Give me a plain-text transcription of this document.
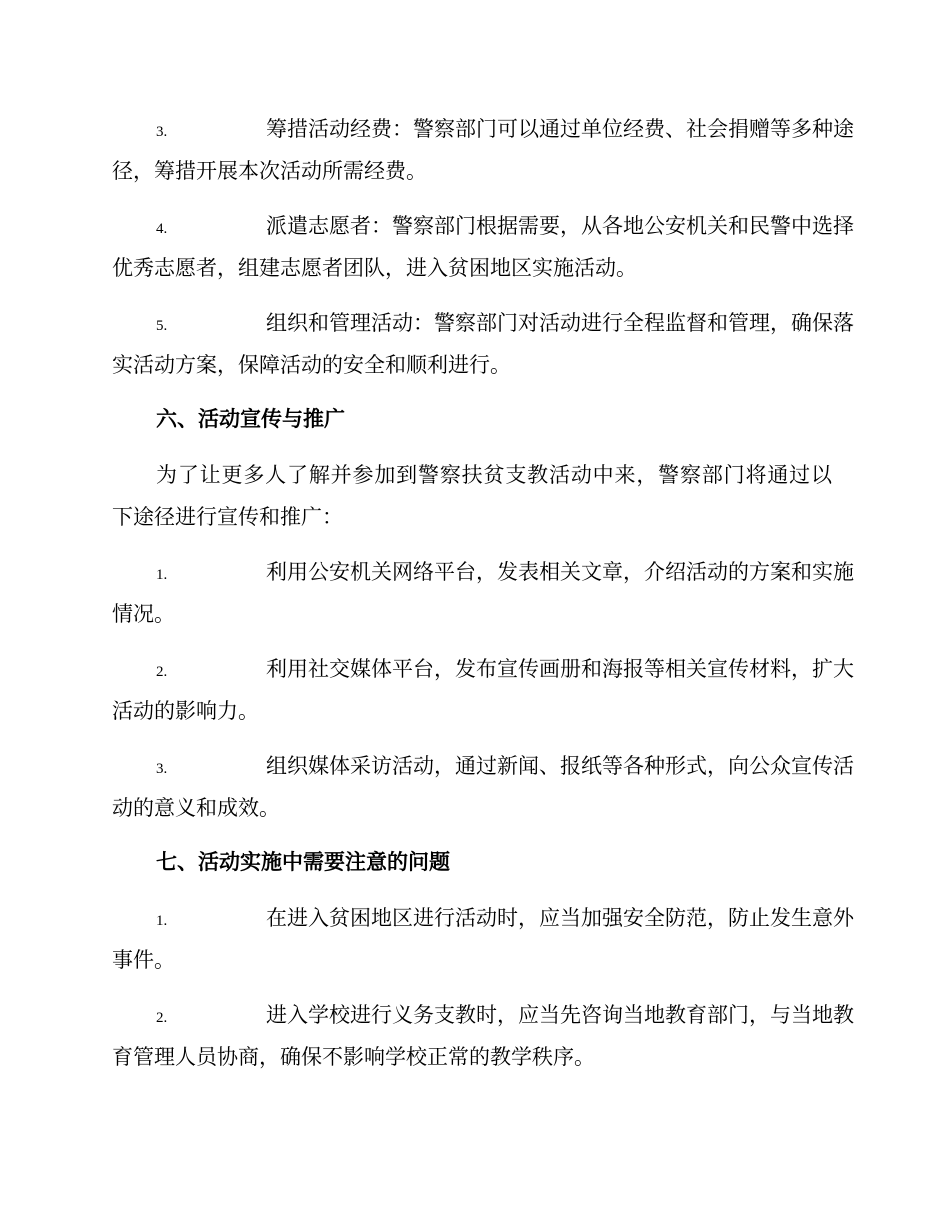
3.	筹措活动经费：警察部门可以通过单位经费、社会捐赠等多种途
径，筹措开展本次活动所需经费。
4.	派遣志愿者：警察部门根据需要，从各地公安机关和民警中选择
优秀志愿者，组建志愿者团队，进入贫困地区实施活动。
5.	组织和管理活动：警察部门对活动进行全程监督和管理，确保落
实活动方案，保障活动的安全和顺利进行。
六、活动宣传与推广
为了让更多人了解并参加到警察扶贫支教活动中来，警察部门将通过以
下途径进行宣传和推广：
1.	利用公安机关网络平台，发表相关文章，介绍活动的方案和实施
情况。
2.	利用社交媒体平台，发布宣传画册和海报等相关宣传材料，扩大
活动的影响力。
3.	组织媒体采访活动，通过新闻、报纸等各种形式，向公众宣传活
动的意义和成效。
七、活动实施中需要注意的问题
1.	在进入贫困地区进行活动时，应当加强安全防范，防止发生意外
事件。
2.	进入学校进行义务支教时，应当先咨询当地教育部门，与当地教
育管理人员协商，确保不影响学校正常的教学秩序。
